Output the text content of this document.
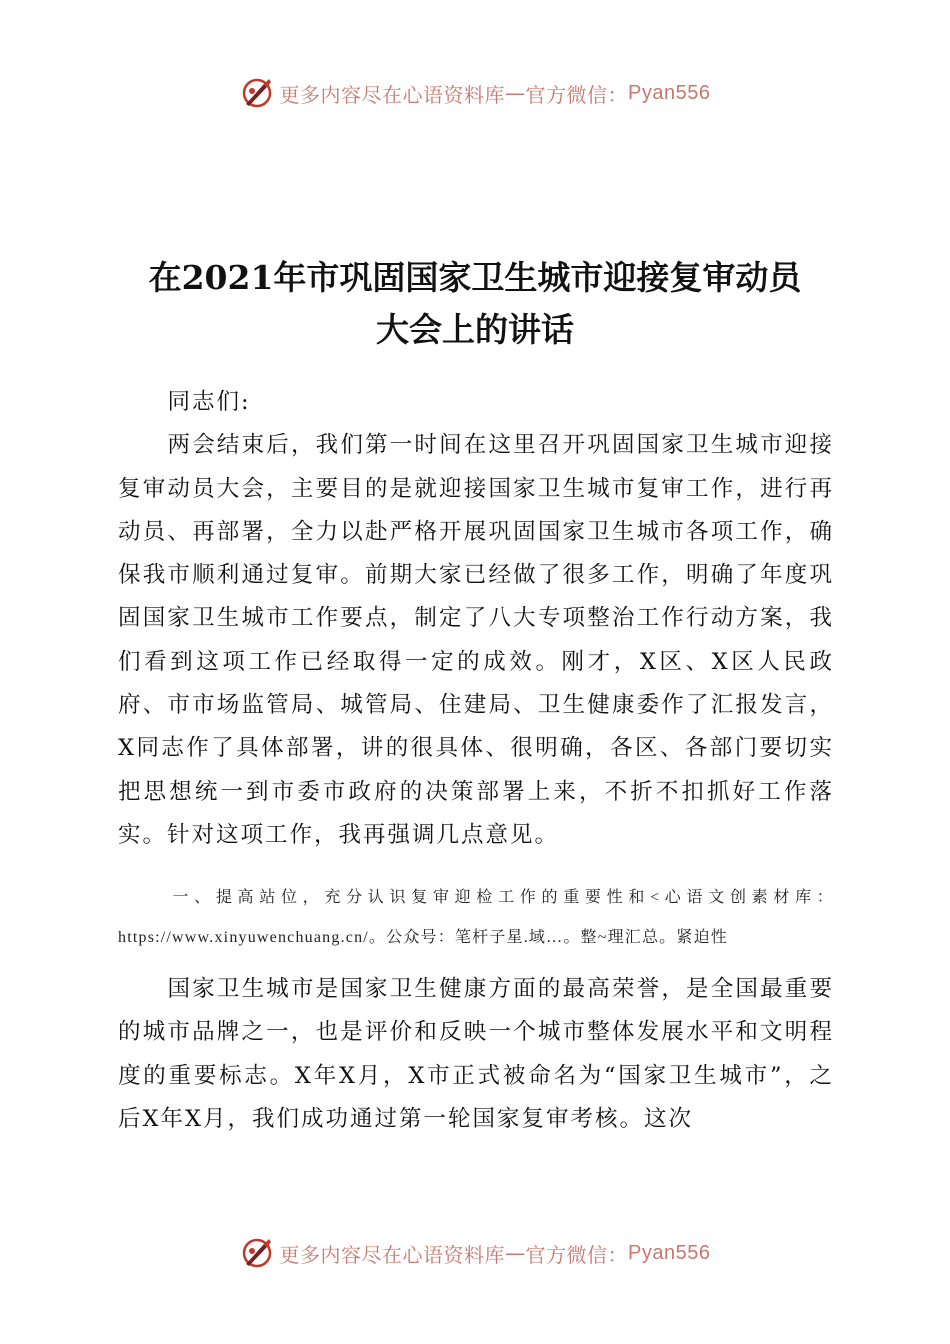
更多内容尽在心语资料库 — 官方微信： Pyan556
在2021年市巩固国家卫生城市迎接复审动员
大会上的讲话

同志们:

两会结束后，我们第一时间在这里召开巩固国家卫生城市迎接复审动员大会，主要目的是就迎接国家卫生城市复审工作，进行再动员、再部署，全力以赴严格开展巩固国家卫生城市各项工作，确保我市顺利通过复审。前期大家已经做了很多工作，明确了年度巩固国家卫生城市工作要点，制定了八大专项整治工作行动方案，我们看到这项工作已经取得一定的成效。刚才，X区、X区人民政府、市市场监管局、城管局、住建局、卫生健康委作了汇报发言，X同志作了具体部署，讲的很具体、很明确，各区、各部门要切实把思想统一到市委市政府的决策部署上来，不折不扣抓好工作落实。针对这项工作，我再强调几点意见。

一、提高站位，充分认识复审迎检工作的重要性和<心语文创素材库：https://www.xinyuwenchuang.cn/。公众号：笔杆子星.域…。整~理汇总。紧迫性

国家卫生城市是国家卫生健康方面的最高荣誉，是全国最重要的城市品牌之一，也是评价和反映一个城市整体发展水平和文明程度的重要标志。X年X月，X市正式被命名为“国家卫生城市”，之后X年X月，我们成功通过第一轮国家复审考核。这次

更多内容尽在心语资料库 — 官方微信： Pyan556
